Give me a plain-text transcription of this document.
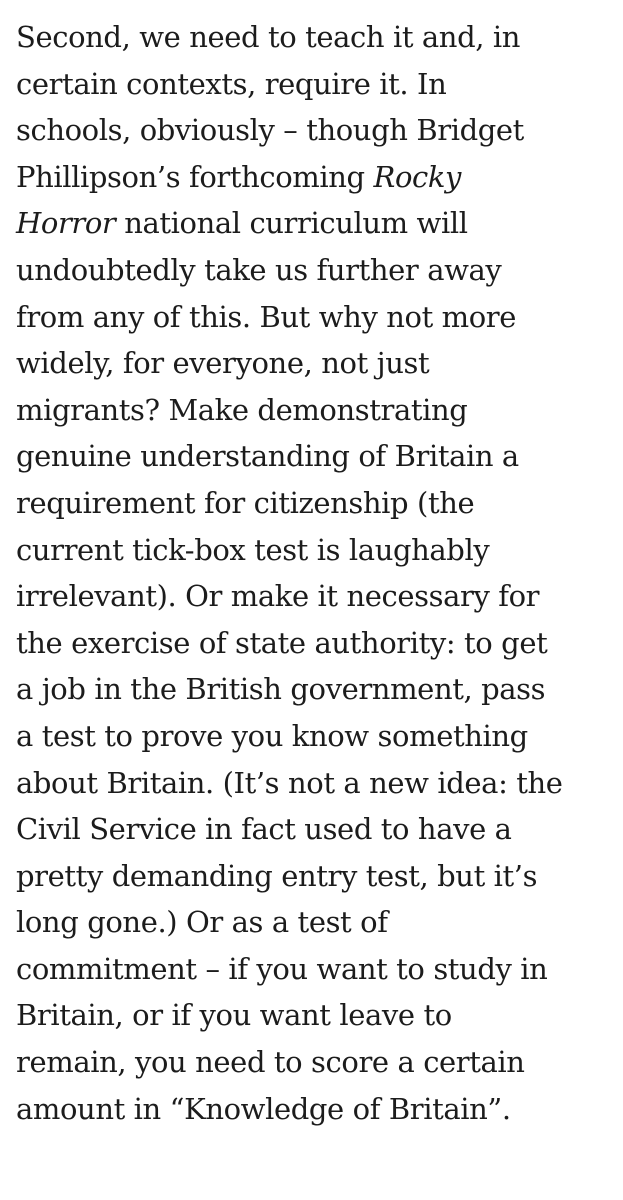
Second, we need to teach it and, in
certain contexts, require it. In
schools, obviously – though Bridget
Phillipson’s forthcoming Rocky
Horror national curriculum will
undoubtedly take us further away
from any of this. But why not more
widely, for everyone, not just
migrants? Make demonstrating
genuine understanding of Britain a
requirement for citizenship (the
current tick-box test is laughably
irrelevant). Or make it necessary for
the exercise of state authority: to get
a job in the British government, pass
a test to prove you know something
about Britain. (It’s not a new idea: the
Civil Service in fact used to have a
pretty demanding entry test, but it’s
long gone.) Or as a test of
commitment – if you want to study in
Britain, or if you want leave to
remain, you need to score a certain
amount in “Knowledge of Britain”.
